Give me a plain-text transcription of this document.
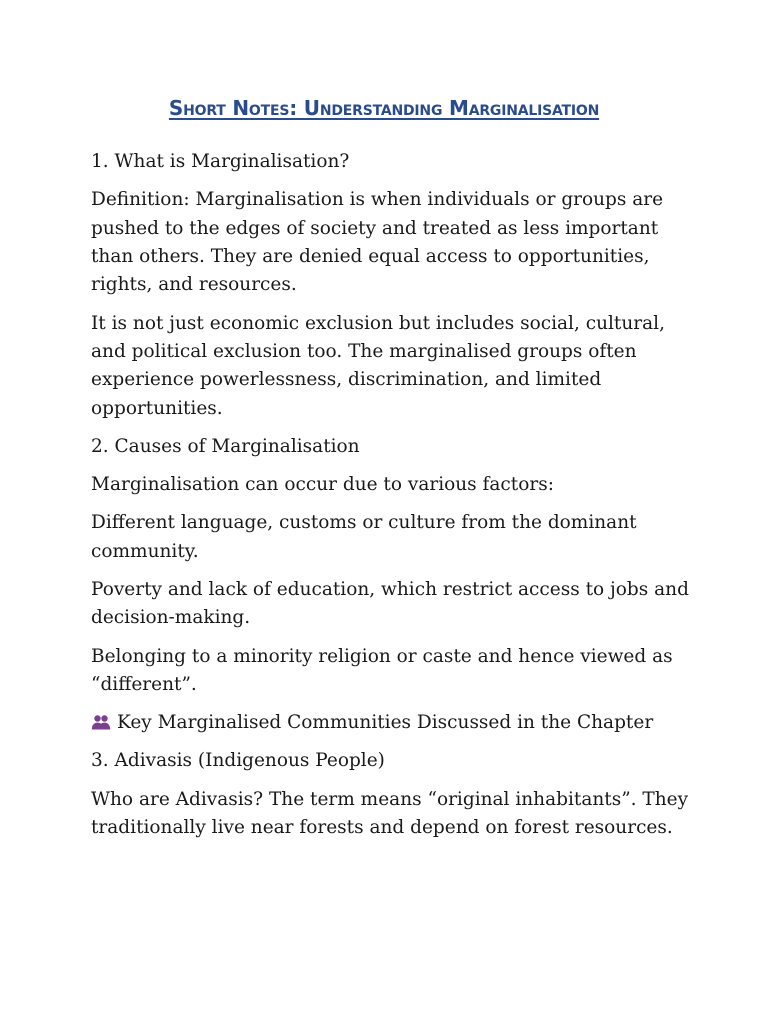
Short Notes: Understanding Marginalisation

1. What is Marginalisation?

Definition: Marginalisation is when individuals or groups are pushed to the edges of society and treated as less important than others. They are denied equal access to opportunities, rights, and resources.

It is not just economic exclusion but includes social, cultural, and political exclusion too. The marginalised groups often experience powerlessness, discrimination, and limited opportunities.

2. Causes of Marginalisation

Marginalisation can occur due to various factors:

Different language, customs or culture from the dominant community.

Poverty and lack of education, which restrict access to jobs and decision-making.

Belonging to a minority religion or caste and hence viewed as “different”.

Key Marginalised Communities Discussed in the Chapter

3. Adivasis (Indigenous People)

Who are Adivasis? The term means “original inhabitants”. They traditionally live near forests and depend on forest resources.
